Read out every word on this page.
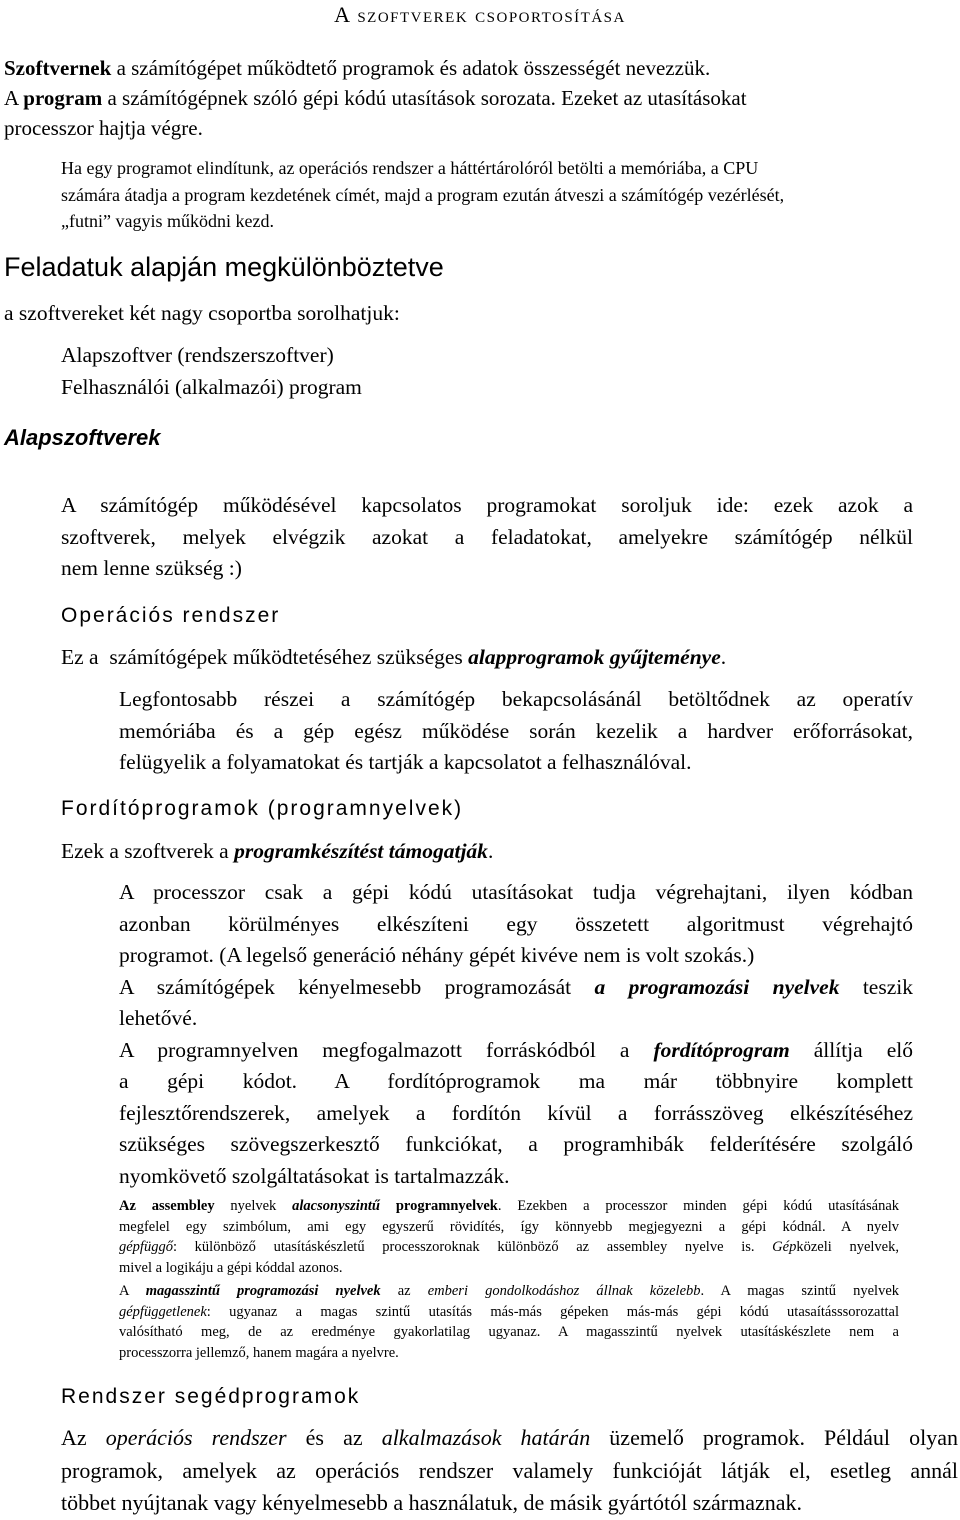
A szoftverek csoportosítása
Szoftvernek a számítógépet működtető programok és adatok összességét nevezzük.
A program a számítógépnek szóló gépi kódú utasítások sorozata. Ezeket az utasításokat
processzor hajtja végre.
Ha egy programot elindítunk, az operációs rendszer a háttértárolóról betölti a memóriába, a CPU
számára átadja a program kezdetének címét, majd a program ezután átveszi a számítógép vezérlését,
„futni” vagyis működni kezd.
Feladatuk alapján megkülönböztetve
a szoftvereket két nagy csoportba sorolhatjuk:
Alapszoftver (rendszerszoftver)
Felhasználói (alkalmazói) program
Alapszoftverek
A számítógép működésével kapcsolatos programokat soroljuk ide: ezek azok a
szoftverek, melyek elvégzik azokat a feladatokat, amelyekre számítógép nélkül
nem lenne szükség :)
Operációs rendszer
Ez a  számítógépek működtetéséhez szükséges alapprogramok gyűjteménye.
Legfontosabb részei a számítógép bekapcsolásánál betöltődnek az operatív
memóriába és a gép egész működése során kezelik a hardver erőforrásokat,
felügyelik a folyamatokat és tartják a kapcsolatot a felhasználóval.
Fordítóprogramok (programnyelvek)
Ezek a szoftverek a programkészítést támogatják.
A processzor csak a gépi kódú utasításokat tudja végrehajtani, ilyen kódban
azonban körülményes elkészíteni egy összetett algoritmust végrehajtó
programot. (A legelső generáció néhány gépét kivéve nem is volt szokás.)
A számítógépek kényelmesebb programozását a programozási nyelvek teszik
lehetővé.
A programnyelven megfogalmazott forráskódból a fordítóprogram állítja elő
a gépi kódot. A fordítóprogramok ma már többnyire komplett
fejlesztőrendszerek, amelyek a fordítón kívül a forrásszöveg elkészítéséhez
szükséges szövegszerkesztő funkciókat, a programhibák felderítésére szolgáló
nyomkövető szolgáltatásokat is tartalmazzák.
Az assembley nyelvek alacsonyszintű programnyelvek. Ezekben a processzor minden gépi kódú utasításának
megfelel egy szimbólum, ami egy egyszerű rövidítés, így könnyebb megjegyezni a gépi kódnál. A nyelv
gépfüggő: különböző utasításkészletű processzoroknak különböző az assembley nyelve is. Gépközeli nyelvek,
mivel a logikáju a gépi kóddal azonos.
A magasszintű programozási nyelvek az emberi gondolkodáshoz állnak közelebb. A magas szintű nyelvek
gépfüggetlenek: ugyanaz a magas szintű utasítás más-más gépeken más-más gépi kódú utasaításssorozattal
valósítható meg, de az eredménye gyakorlatilag ugyanaz. A magasszintű nyelvek utasításkészlete nem a
processzorra jellemző, hanem magára a nyelvre.
Rendszer segédprogramok
Az operációs rendszer és az alkalmazások határán üzemelő programok. Például olyan
programok, amelyek az operációs rendszer valamely funkcióját látják el, esetleg annál
többet nyújtanak vagy kényelmesebb a használatuk, de másik gyártótól származnak.
